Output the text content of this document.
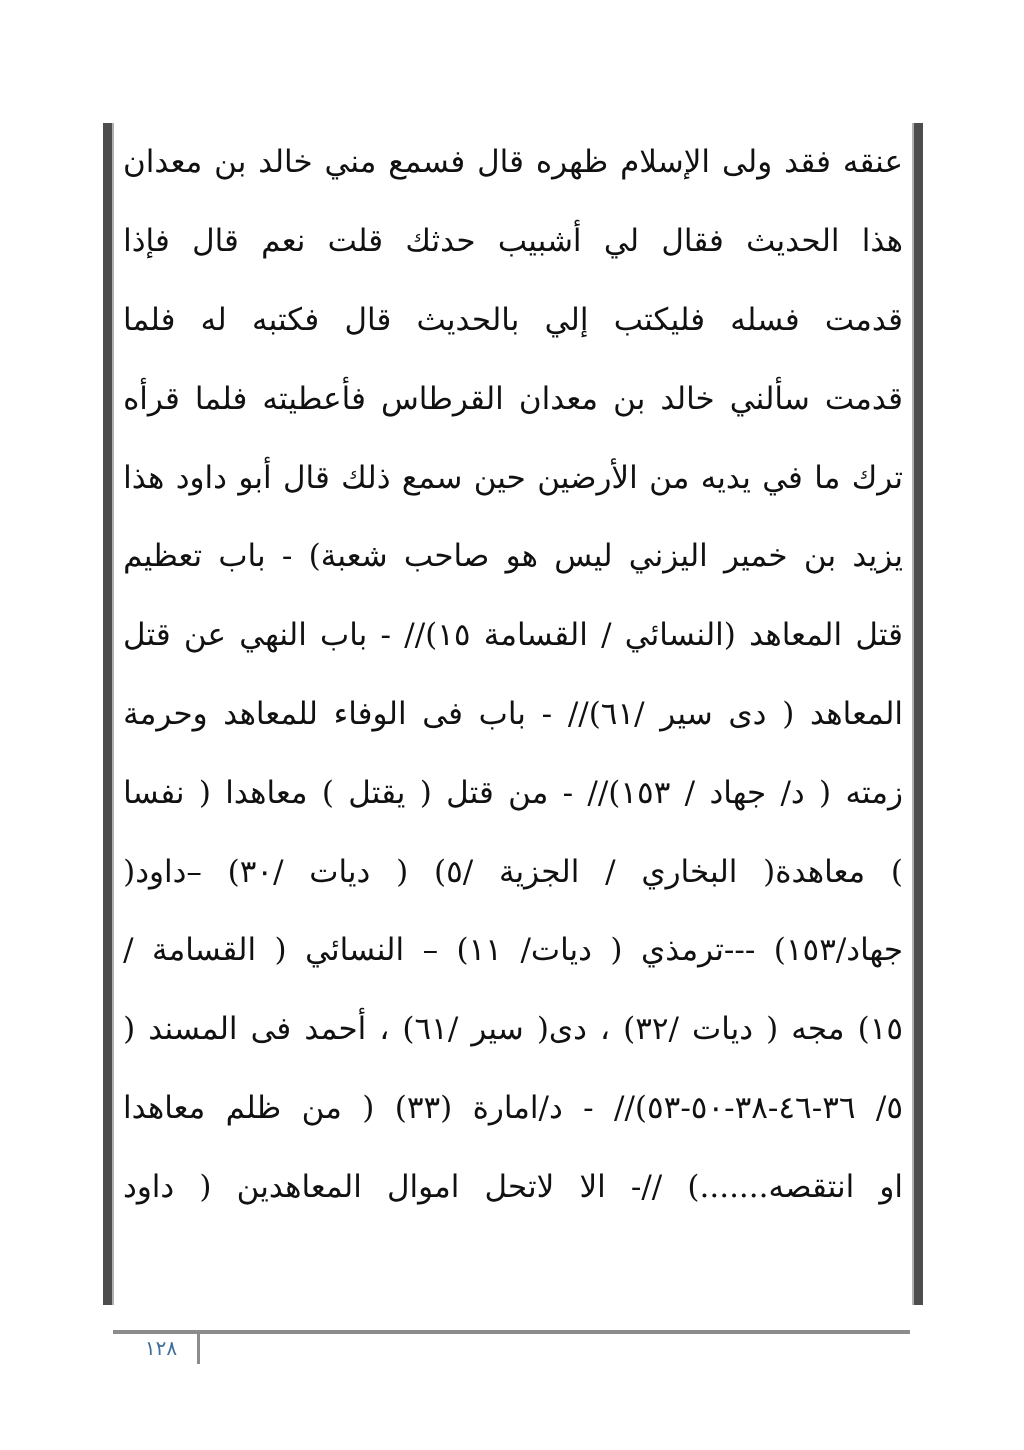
عنقه
فقد
ولى
الإسلام
ظهره
قال
فسمع
مني
خالد
بن
معدان
هذا
الحديث
فقال
لي
أشبيب
حدثك
قلت
نعم
قال
فإذا
قدمت
فسله
فليكتب
إلي
بالحديث
قال
فكتبه
له
فلما
قدمت
سألني
خالد
بن
معدان
القرطاس
فأعطيته
فلما
قرأه
ترك
ما
في
يديه
من
الأرضين
حين
سمع
ذلك
قال
أبو
داود
هذا
يزيد
بن
خمير
اليزني
ليس
هو
صاحب
شعبة)
-
باب
تعظيم
قتل
المعاهد
(النسائي
/
القسامة
١٥)//
-
باب
النهي
عن
قتل
المعاهد
(
دى
سير
/٦١)//
-
باب
فى
الوفاء
للمعاهد
وحرمة
زمته
(
د/
جهاد
/
١٥٣)//
-
من
قتل
(
يقتل
)
معاهدا
(
نفسا
)
معاهدة(
البخاري
/
الجزية
/٥)
(
ديات
/٣٠)
–داود(
جهاد/١٥٣)
---ترمذي
(
ديات/
١١)
–
النسائي
(
القسامة
/
١٥)
مجه
(
ديات
/٣٢)
،
دى(
سير
/٦١)
،
أحمد
فى
المسند
(
٥/
٣٦-٤٦-٣٨-٥٠-٥٣)//
-
د/امارة
(٣٣)
(
من
ظلم
معاهدا
او
انتقصه.......)
//-
الا
لاتحل
اموال
المعاهدين
(
داود
١٢٨
